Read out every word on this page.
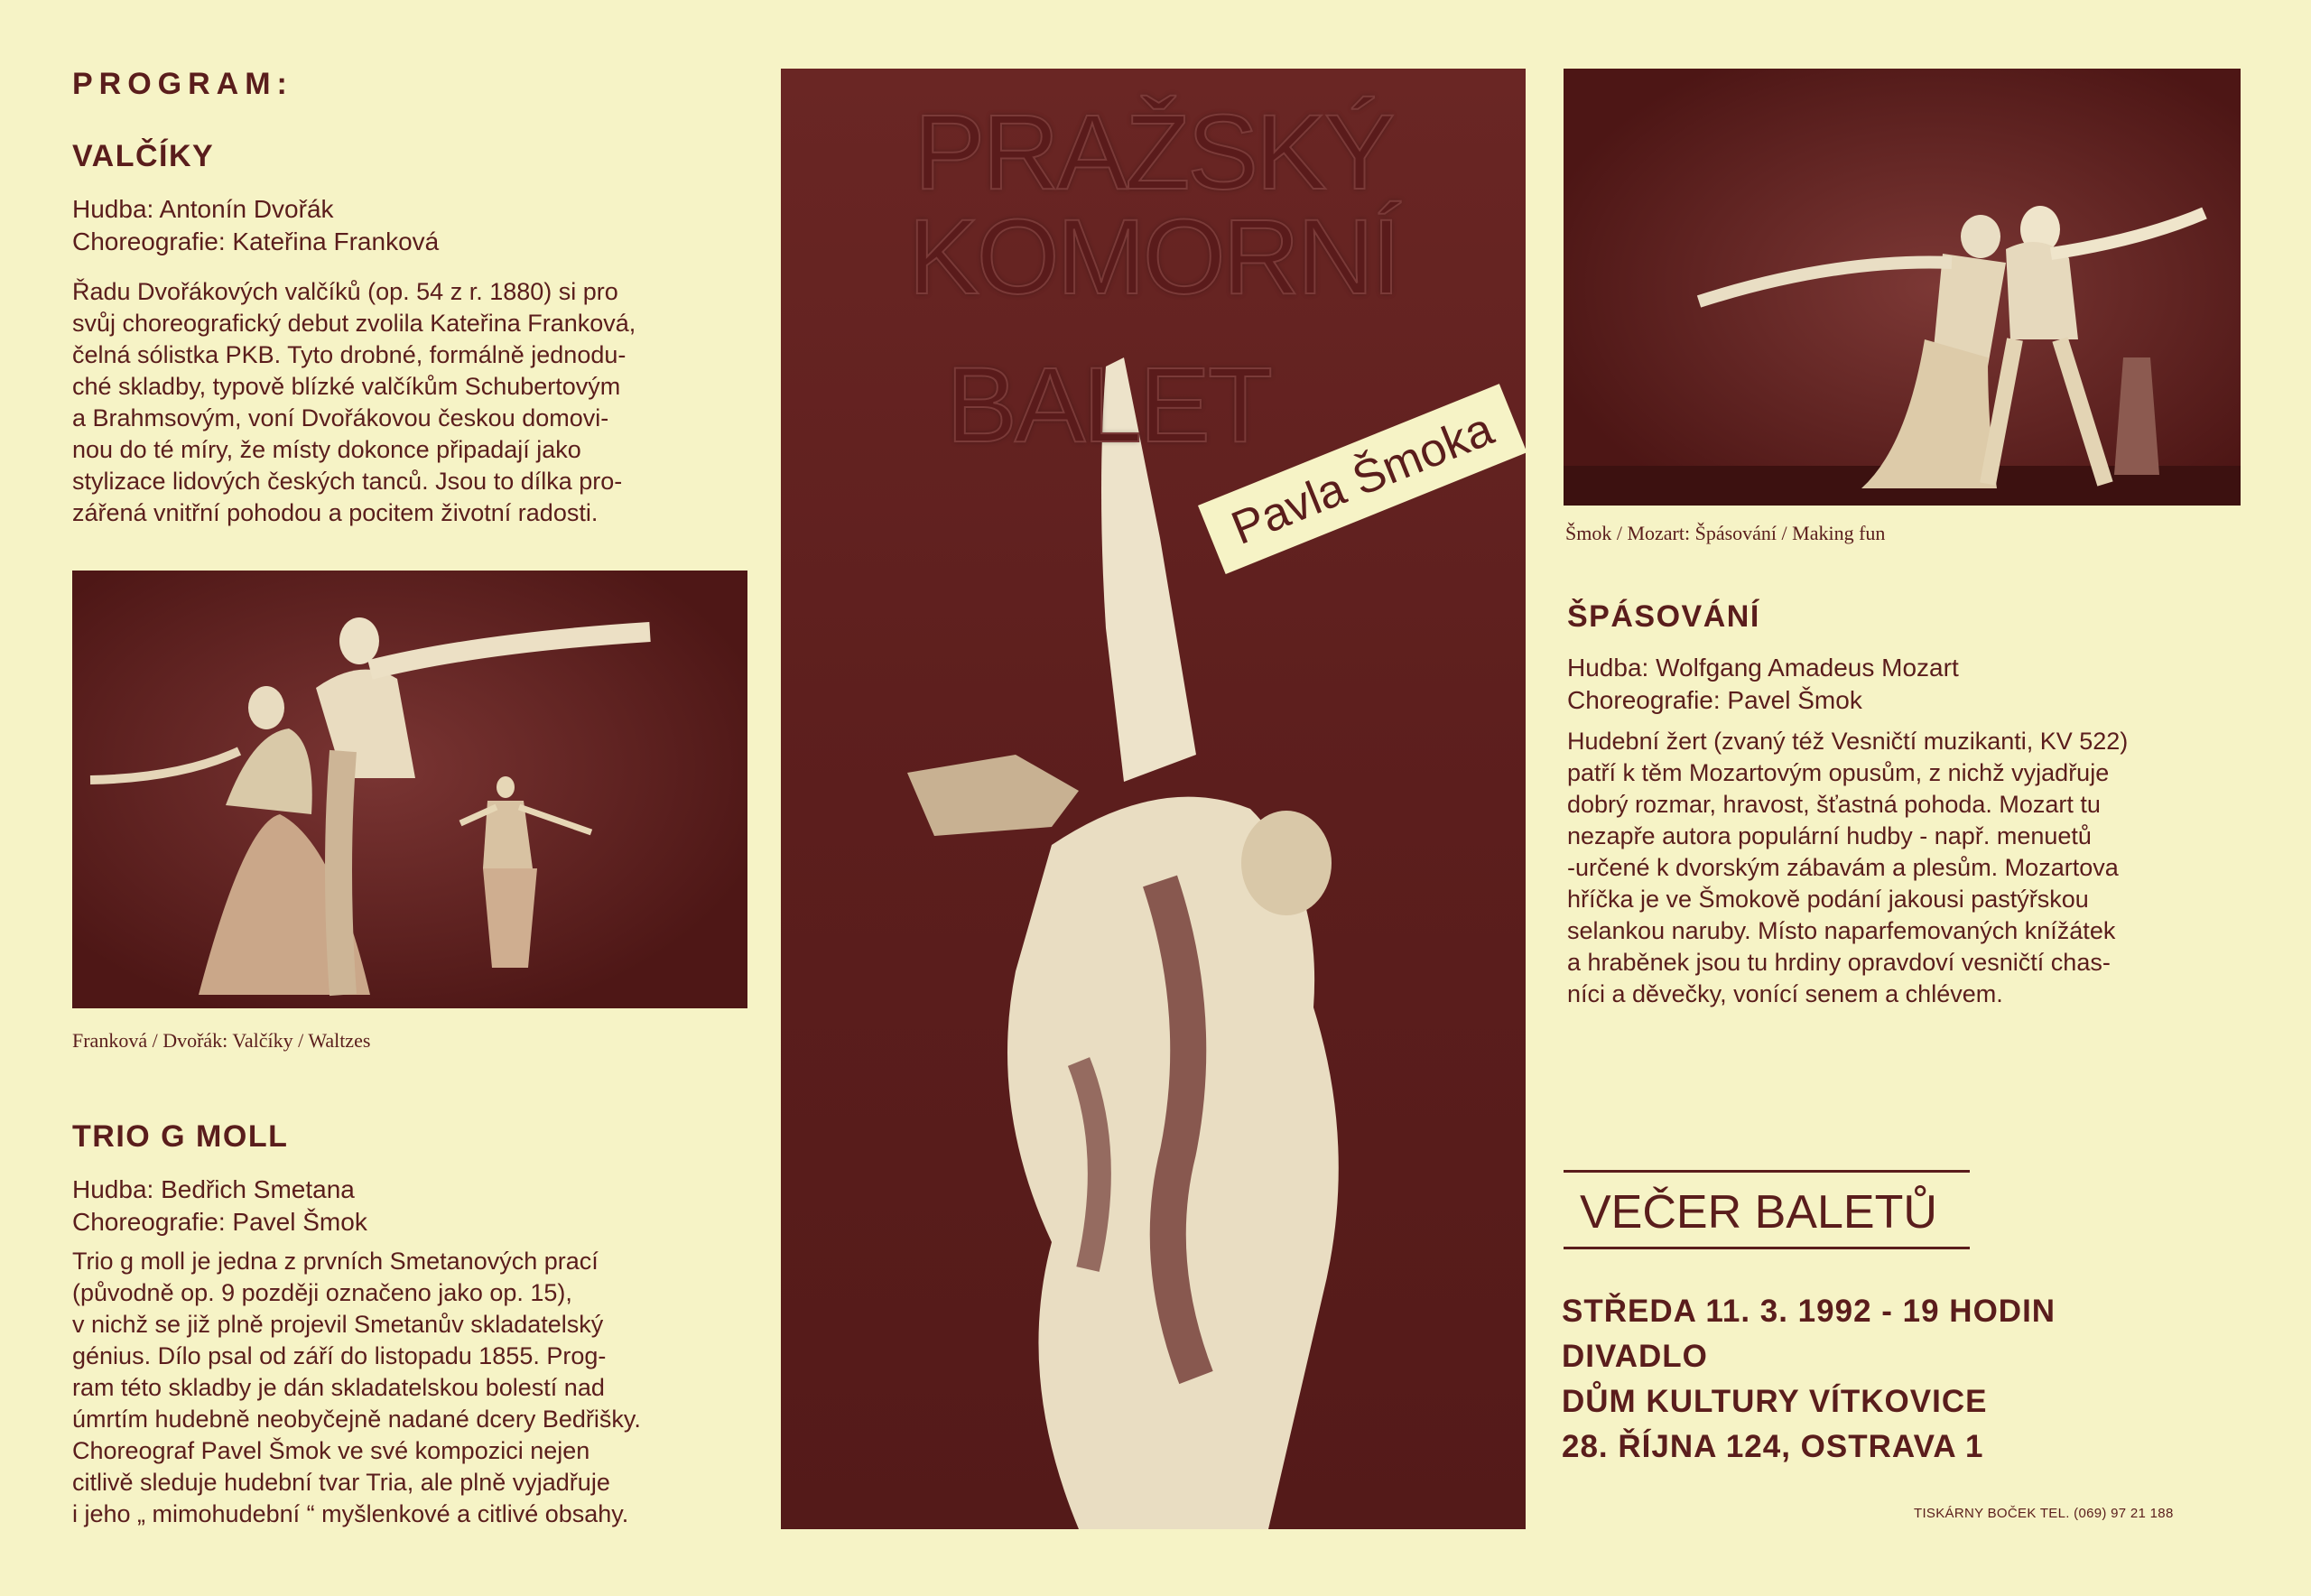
PROGRAM:
VALČÍKY
Hudba: Antonín Dvořák
Choreografie: Kateřina Franková
Řadu Dvořákových valčíků (op. 54 z r. 1880) si pro
svůj choreografický debut zvolila Kateřina Franková,
čelná sólistka PKB. Tyto drobné, formálně jednodu-
ché skladby, typově blízké valčíkům Schubertovým
a Brahmsovým, voní Dvořákovou českou domovi-
nou do té míry, že místy dokonce připadají jako
stylizace lidových českých tanců. Jsou to dílka pro-
zářená vnitřní pohodou a pocitem životní radosti.
Franková / Dvořák: Valčíky / Waltzes
TRIO G MOLL
Hudba: Bedřich Smetana
Choreografie: Pavel Šmok
Trio g moll je jedna z prvních Smetanových prací
(původně op. 9 později označeno jako op. 15),
v nichž se již plně projevil Smetanův skladatelský
génius. Dílo psal od září do listopadu 1855. Prog-
ram této skladby je dán skladatelskou bolestí nad
úmrtím hudebně neobyčejně nadané dcery Bedřišky.
Choreograf Pavel Šmok ve své kompozici nejen
citlivě sleduje hudební tvar Tria, ale plně vyjadřuje
i jeho „ mimohudební “ myšlenkové a citlivé obsahy.
PRAŽSKÝ
KOMORNÍ
BALET
Pavla Šmoka	Šmok / Mozart: Špásování / Making fun
ŠPÁSOVÁNÍ
Hudba: Wolfgang Amadeus Mozart
Choreografie: Pavel Šmok
Hudební žert (zvaný též Vesničtí muzikanti, KV 522)
patří k těm Mozartovým opusům, z nichž vyjadřuje
dobrý rozmar, hravost, šťastná pohoda. Mozart tu
nezapře autora populární hudby - např. menuetů
-určené k dvorským zábavám a plesům. Mozartova
hříčka je ve Šmokově podání jakousi pastýřskou
selankou naruby. Místo naparfemovaných knížátek
a hraběnek jsou tu hrdiny opravdoví vesničtí chas-
níci a děvečky, vonící senem a chlévem.
VEČER BALETŮ
STŘEDA 11. 3. 1992 - 19 HODIN
DIVADLO
DŮM KULTURY VÍTKOVICE
28. ŘÍJNA 124, OSTRAVA 1
TISKÁRNY BOČEK TEL. (069) 97 21 188
